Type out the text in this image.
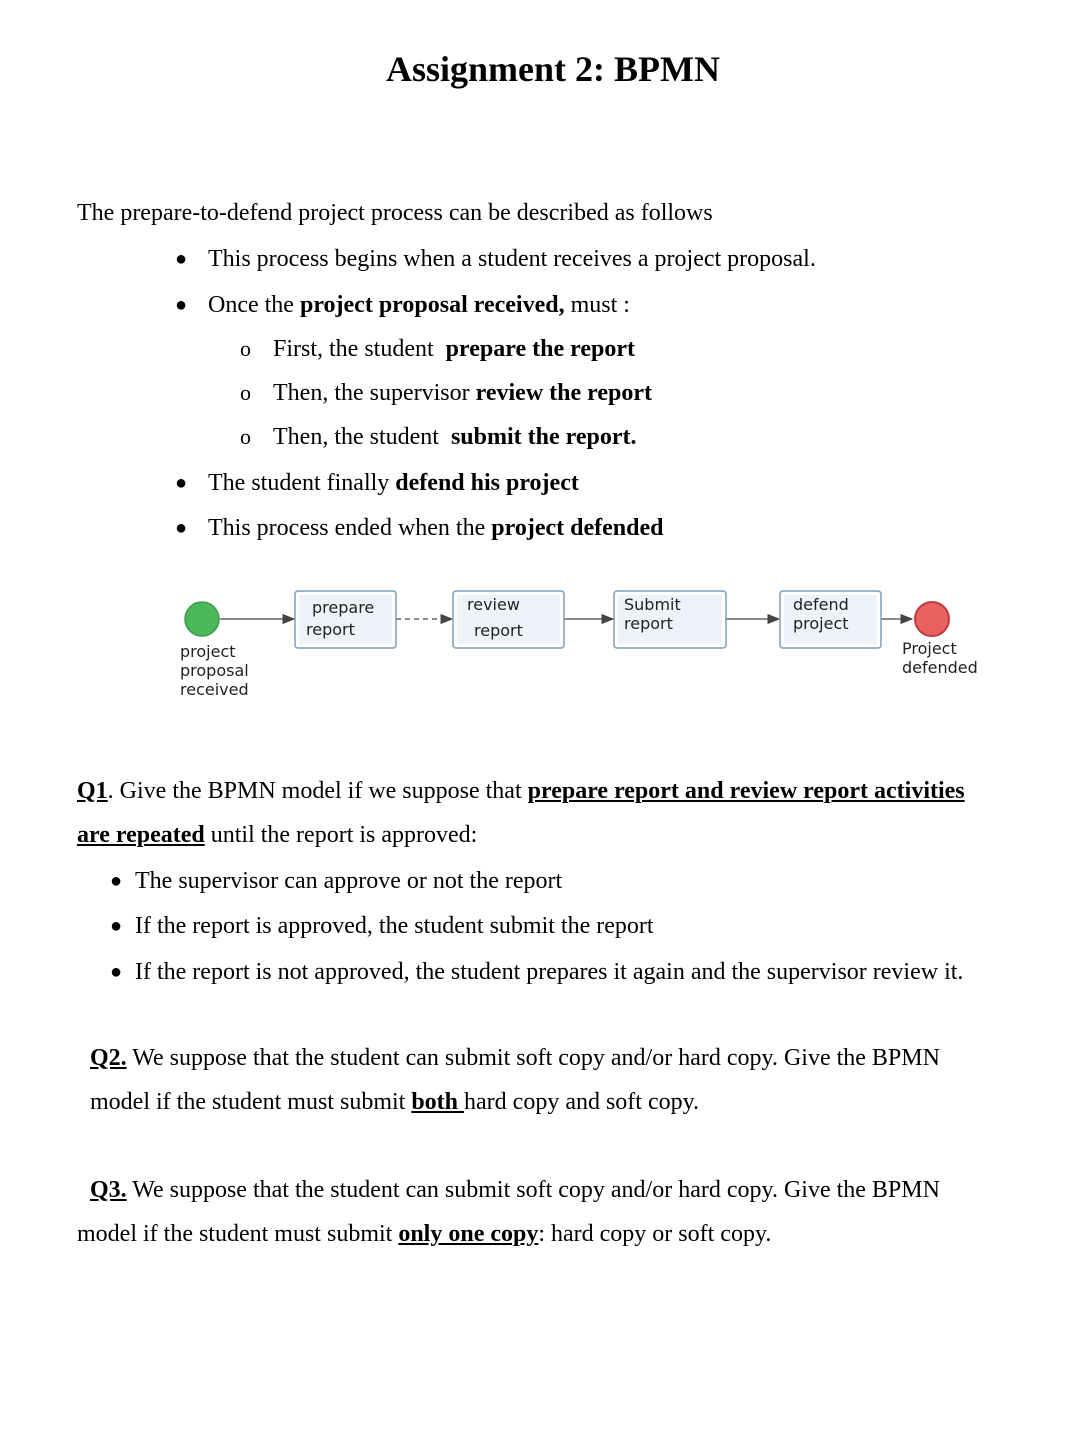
Assignment 2: BPMN
The prepare-to-defend project process can be described as follows
● This process begins when a student receives a project proposal.
● Once the project proposal received, must :
o First, the student  prepare the report
o Then, the supervisor review the report
o Then, the student  submit the report.
● The student finally defend his project
● This process ended when the project defended
project proposal received
prepare report
review report
Submit report
defend project
Project defended
Q1. Give the BPMN model if we suppose that prepare report and review report activities
are repeated until the report is approved:
● The supervisor can approve or not the report
● If the report is approved, the student submit the report
● If the report is not approved, the student prepares it again and the supervisor review it.
Q2. We suppose that the student can submit soft copy and/or hard copy. Give the BPMN
model if the student must submit both hard copy and soft copy.
Q3. We suppose that the student can submit soft copy and/or hard copy. Give the BPMN
model if the student must submit only one copy: hard copy or soft copy.
